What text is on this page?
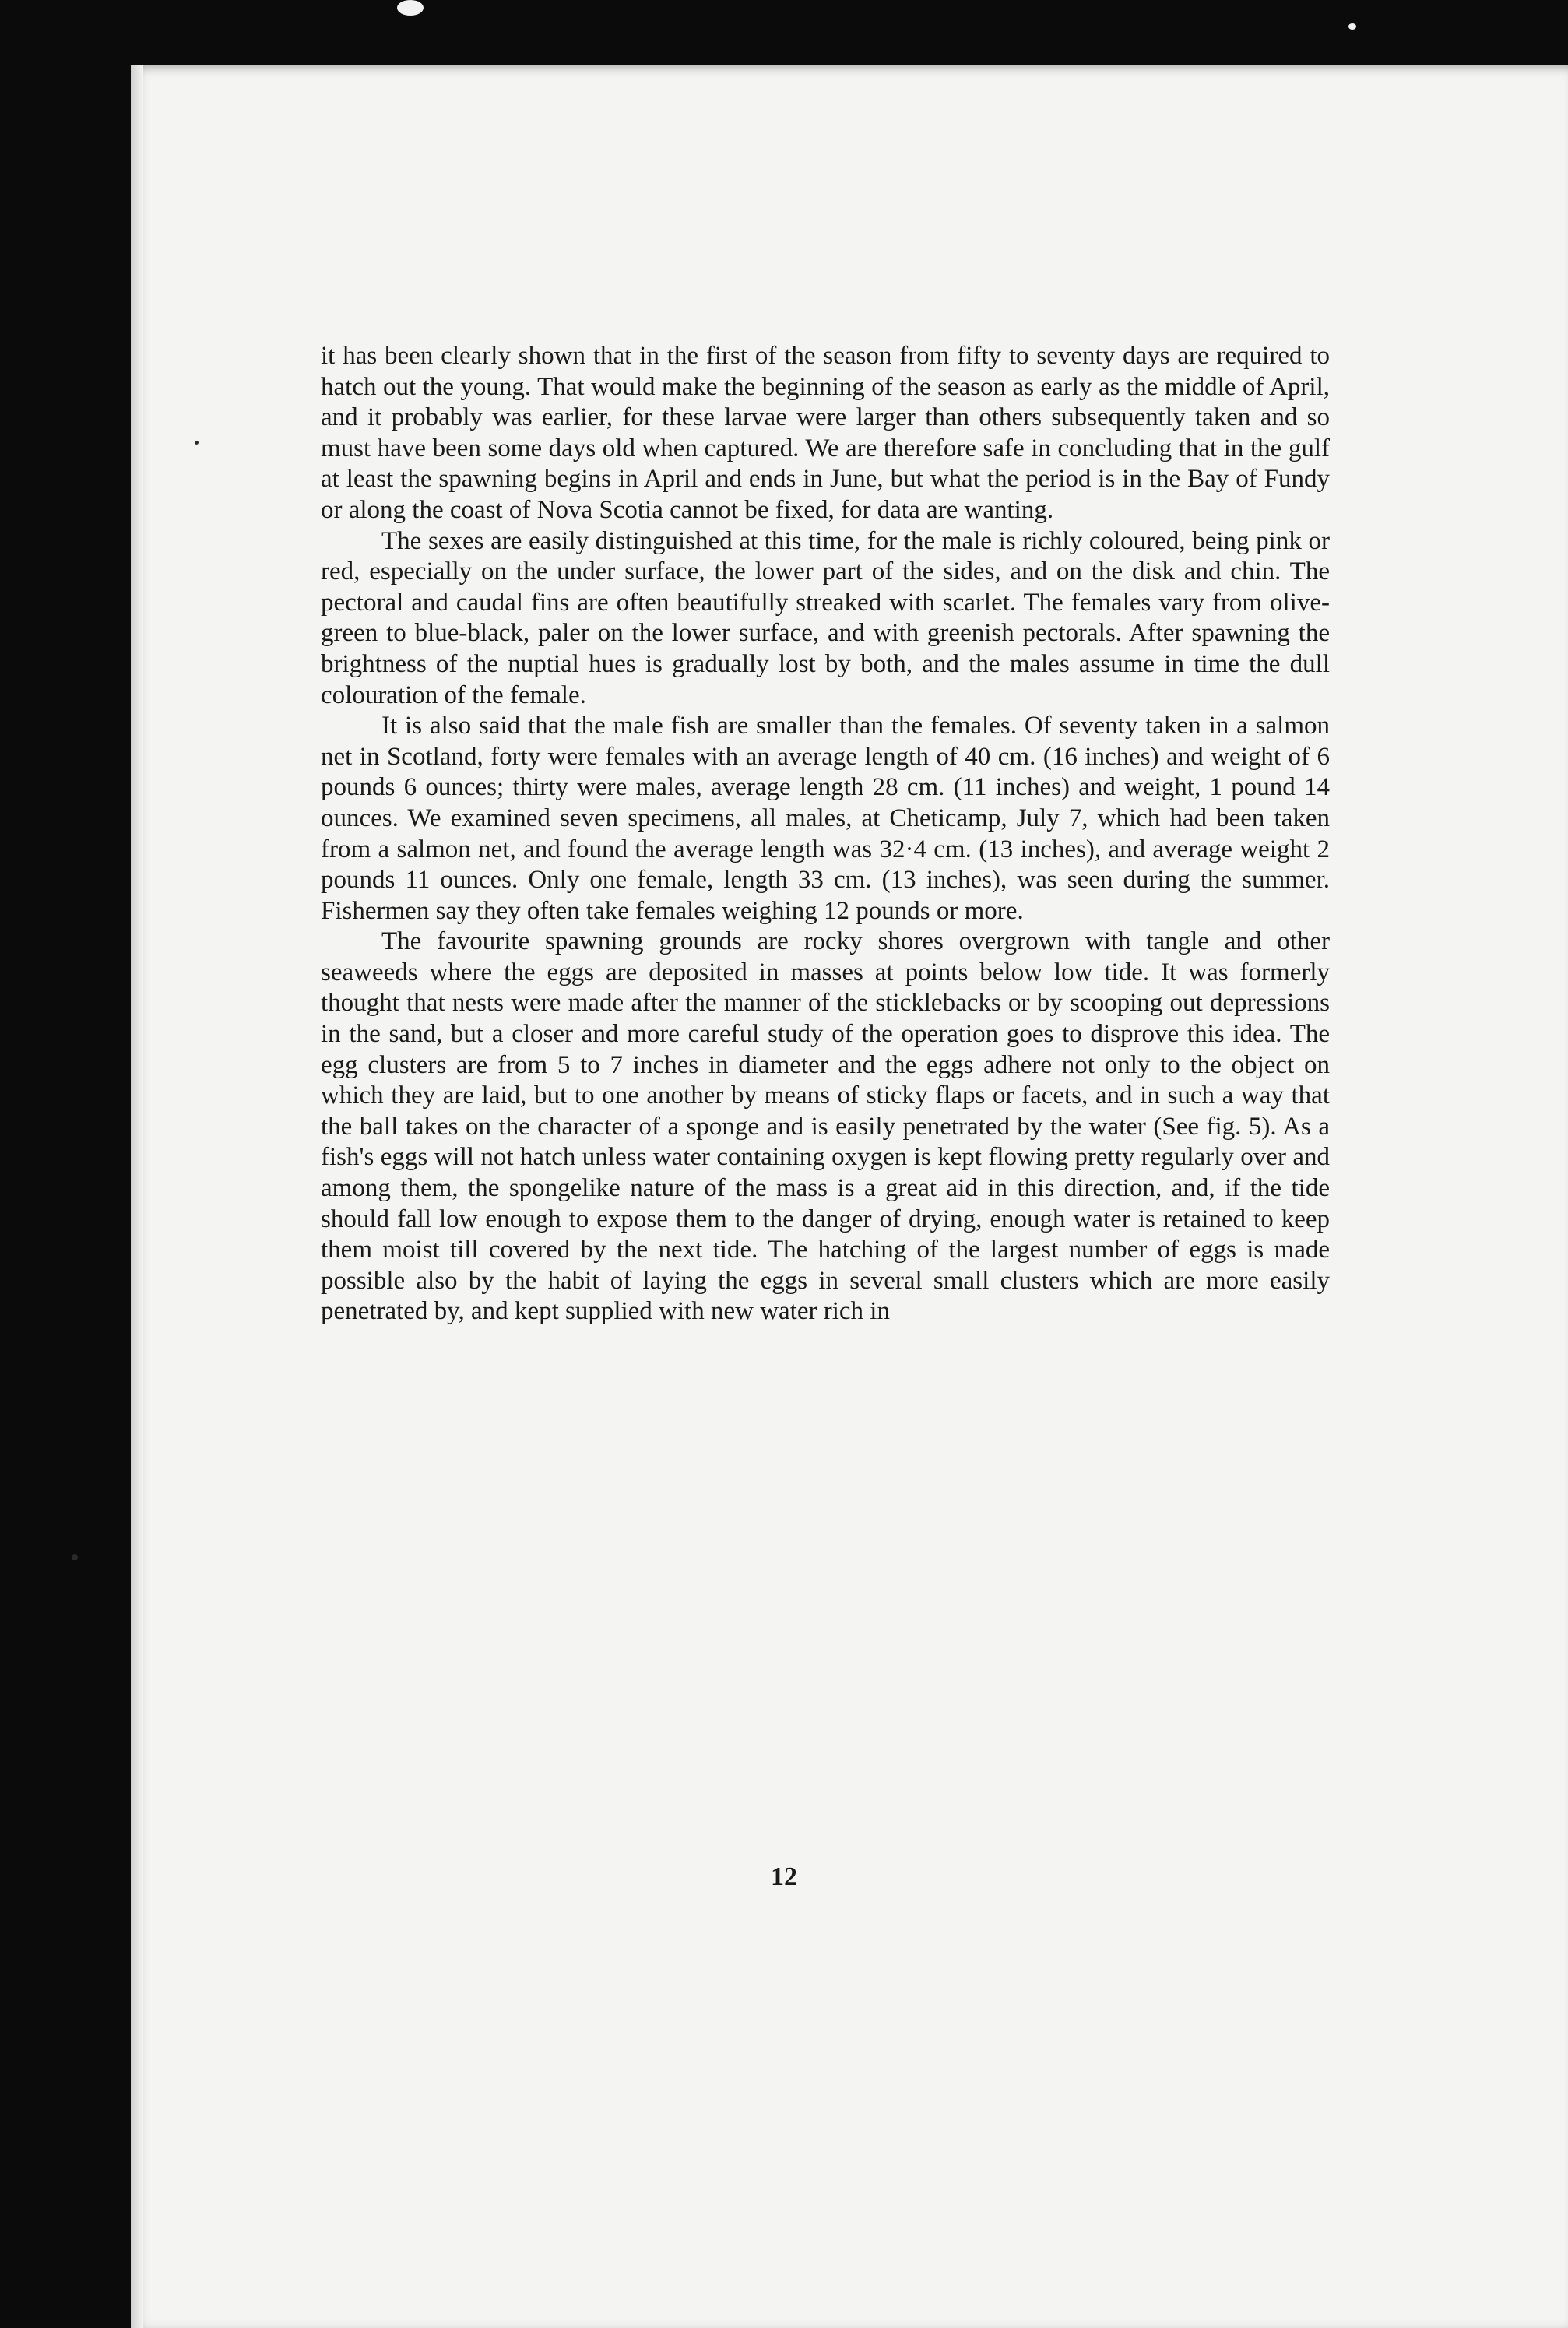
it has been clearly shown that in the first of the season from fifty to seventy days are required to hatch out the young. That would make the beginning of the season as early as the middle of April, and it probably was earlier, for these larvae were larger than others subsequently taken and so must have been some days old when captured. We are therefore safe in concluding that in the gulf at least the spawning begins in April and ends in June, but what the period is in the Bay of Fundy or along the coast of Nova Scotia cannot be fixed, for data are wanting.

The sexes are easily distinguished at this time, for the male is richly coloured, being pink or red, especially on the under surface, the lower part of the sides, and on the disk and chin. The pectoral and caudal fins are often beautifully streaked with scarlet. The females vary from olive-green to blue-black, paler on the lower surface, and with greenish pectorals. After spawning the brightness of the nuptial hues is gradually lost by both, and the males assume in time the dull colouration of the female.

It is also said that the male fish are smaller than the females. Of seventy taken in a salmon net in Scotland, forty were females with an average length of 40 cm. (16 inches) and weight of 6 pounds 6 ounces; thirty were males, average length 28 cm. (11 inches) and weight, 1 pound 14 ounces. We examined seven specimens, all males, at Cheticamp, July 7, which had been taken from a salmon net, and found the average length was 32·4 cm. (13 inches), and average weight 2 pounds 11 ounces. Only one female, length 33 cm. (13 inches), was seen during the summer. Fishermen say they often take females weighing 12 pounds or more.

The favourite spawning grounds are rocky shores overgrown with tangle and other seaweeds where the eggs are deposited in masses at points below low tide. It was formerly thought that nests were made after the manner of the sticklebacks or by scooping out depressions in the sand, but a closer and more careful study of the operation goes to disprove this idea. The egg clusters are from 5 to 7 inches in diameter and the eggs adhere not only to the object on which they are laid, but to one another by means of sticky flaps or facets, and in such a way that the ball takes on the character of a sponge and is easily penetrated by the water (See fig. 5). As a fish's eggs will not hatch unless water containing oxygen is kept flowing pretty regularly over and among them, the spongelike nature of the mass is a great aid in this direction, and, if the tide should fall low enough to expose them to the danger of drying, enough water is retained to keep them moist till covered by the next tide. The hatching of the largest number of eggs is made possible also by the habit of laying the eggs in several small clusters which are more easily penetrated by, and kept supplied with new water rich in

12
